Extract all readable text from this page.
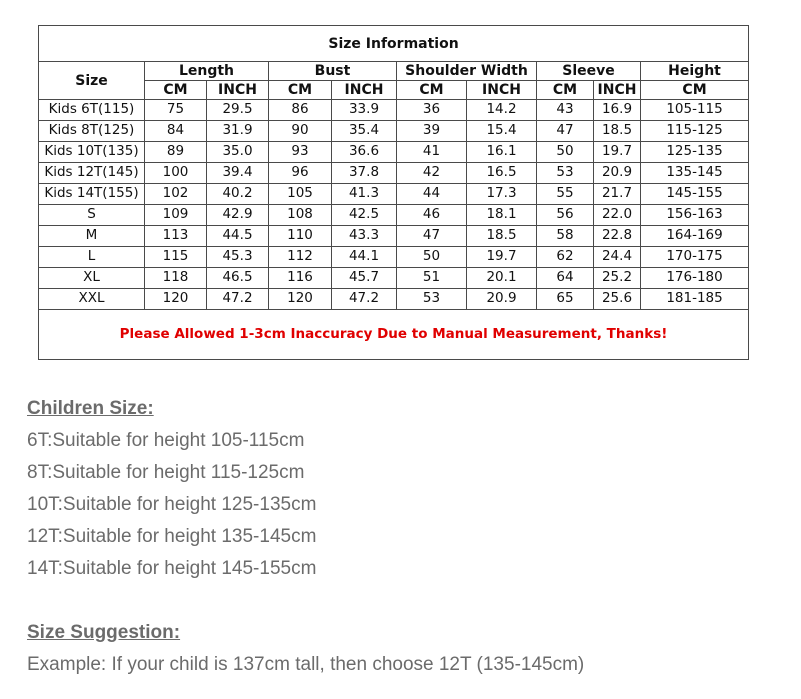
Size Information									
Size	Length		Bust		Shoulder Width		Sleeve		Height
	CM	INCH	CM	INCH	CM	INCH	CM	INCH	CM
Kids 6T(115)	75	29.5	86	33.9	36	14.2	43	16.9	105-115
Kids 8T(125)	84	31.9	90	35.4	39	15.4	47	18.5	115-125
Kids 10T(135)	89	35.0	93	36.6	41	16.1	50	19.7	125-135
Kids 12T(145)	100	39.4	96	37.8	42	16.5	53	20.9	135-145
Kids 14T(155)	102	40.2	105	41.3	44	17.3	55	21.7	145-155
S	109	42.9	108	42.5	46	18.1	56	22.0	156-163
M	113	44.5	110	43.3	47	18.5	58	22.8	164-169
L	115	45.3	112	44.1	50	19.7	62	24.4	170-175
XL	118	46.5	116	45.7	51	20.1	64	25.2	176-180
XXL	120	47.2	120	47.2	53	20.9	65	25.6	181-185
Please Allowed 1-3cm Inaccuracy Due to Manual Measurement, Thanks!									
Children Size:
6T:Suitable for height 105-115cm
8T:Suitable for height 115-125cm
10T:Suitable for height 125-135cm
12T:Suitable for height 135-145cm
14T:Suitable for height 145-155cm
Size Suggestion:
Example: If your child is 137cm tall, then choose 12T (135-145cm)
